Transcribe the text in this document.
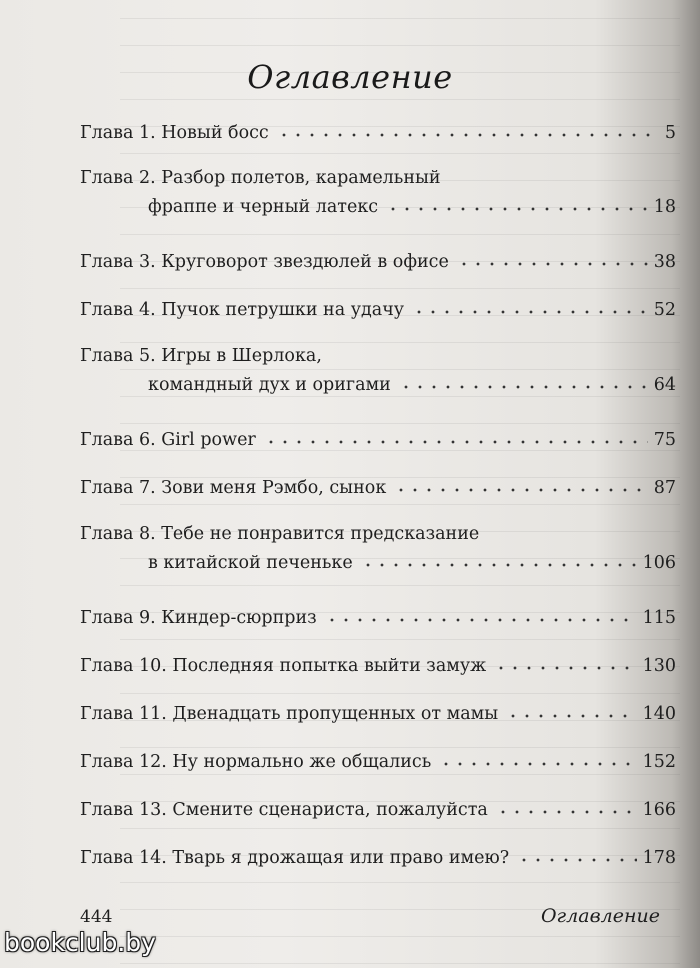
Оглавление
Глава 1. Новый босс	5
Глава 2. Разбор полетов, карамельный
фраппе и черный латекс	18
Глава 3. Круговорот звездюлей в офисе	38
Глава 4. Пучок петрушки на удачу	52
Глава 5. Игры в Шерлока,
командный дух и оригами	64
Глава 6. Girl power	75
Глава 7. Зови меня Рэмбо, сынок	87
Глава 8. Тебе не понравится предсказание
в китайской печеньке	106
Глава 9. Киндер-сюрприз	115
Глава 10. Последняя попытка выйти замуж	130
Глава 11. Двенадцать пропущенных от мамы	140
Глава 12. Ну нормально же общались	152
Глава 13. Смените сценариста, пожалуйста	166
Глава 14. Тварь я дрожащая или право имею?	178
444	Оглавление
bookclub.by
